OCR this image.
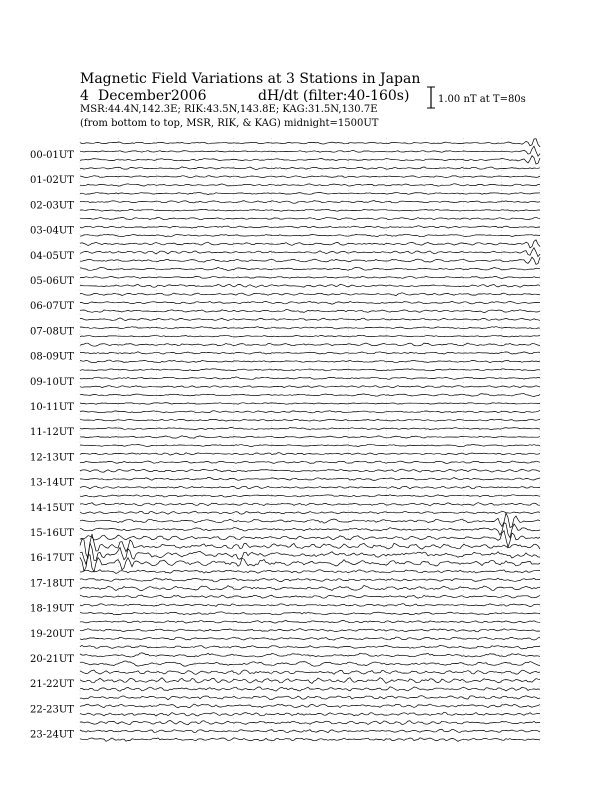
Magnetic Field Variations at 3 Stations in Japan
4 December2006	dH/dt (filter:40-160s)
MSR:44.4N,142.3E; RIK:43.5N,143.8E; KAG:31.5N,130.7E
(from bottom to top, MSR, RIK, & KAG) midnight=1500UT
00-01UT
01-02UT
02-03UT
03-04UT
04-05UT
05-06UT
06-07UT
07-08UT
08-09UT
09-10UT
10-11UT
11-12UT
12-13UT
13-14UT
14-15UT
15-16UT
16-17UT
17-18UT
18-19UT
19-20UT
20-21UT
21-22UT
22-23UT
23-24UT
1.00 nT at T=80s
